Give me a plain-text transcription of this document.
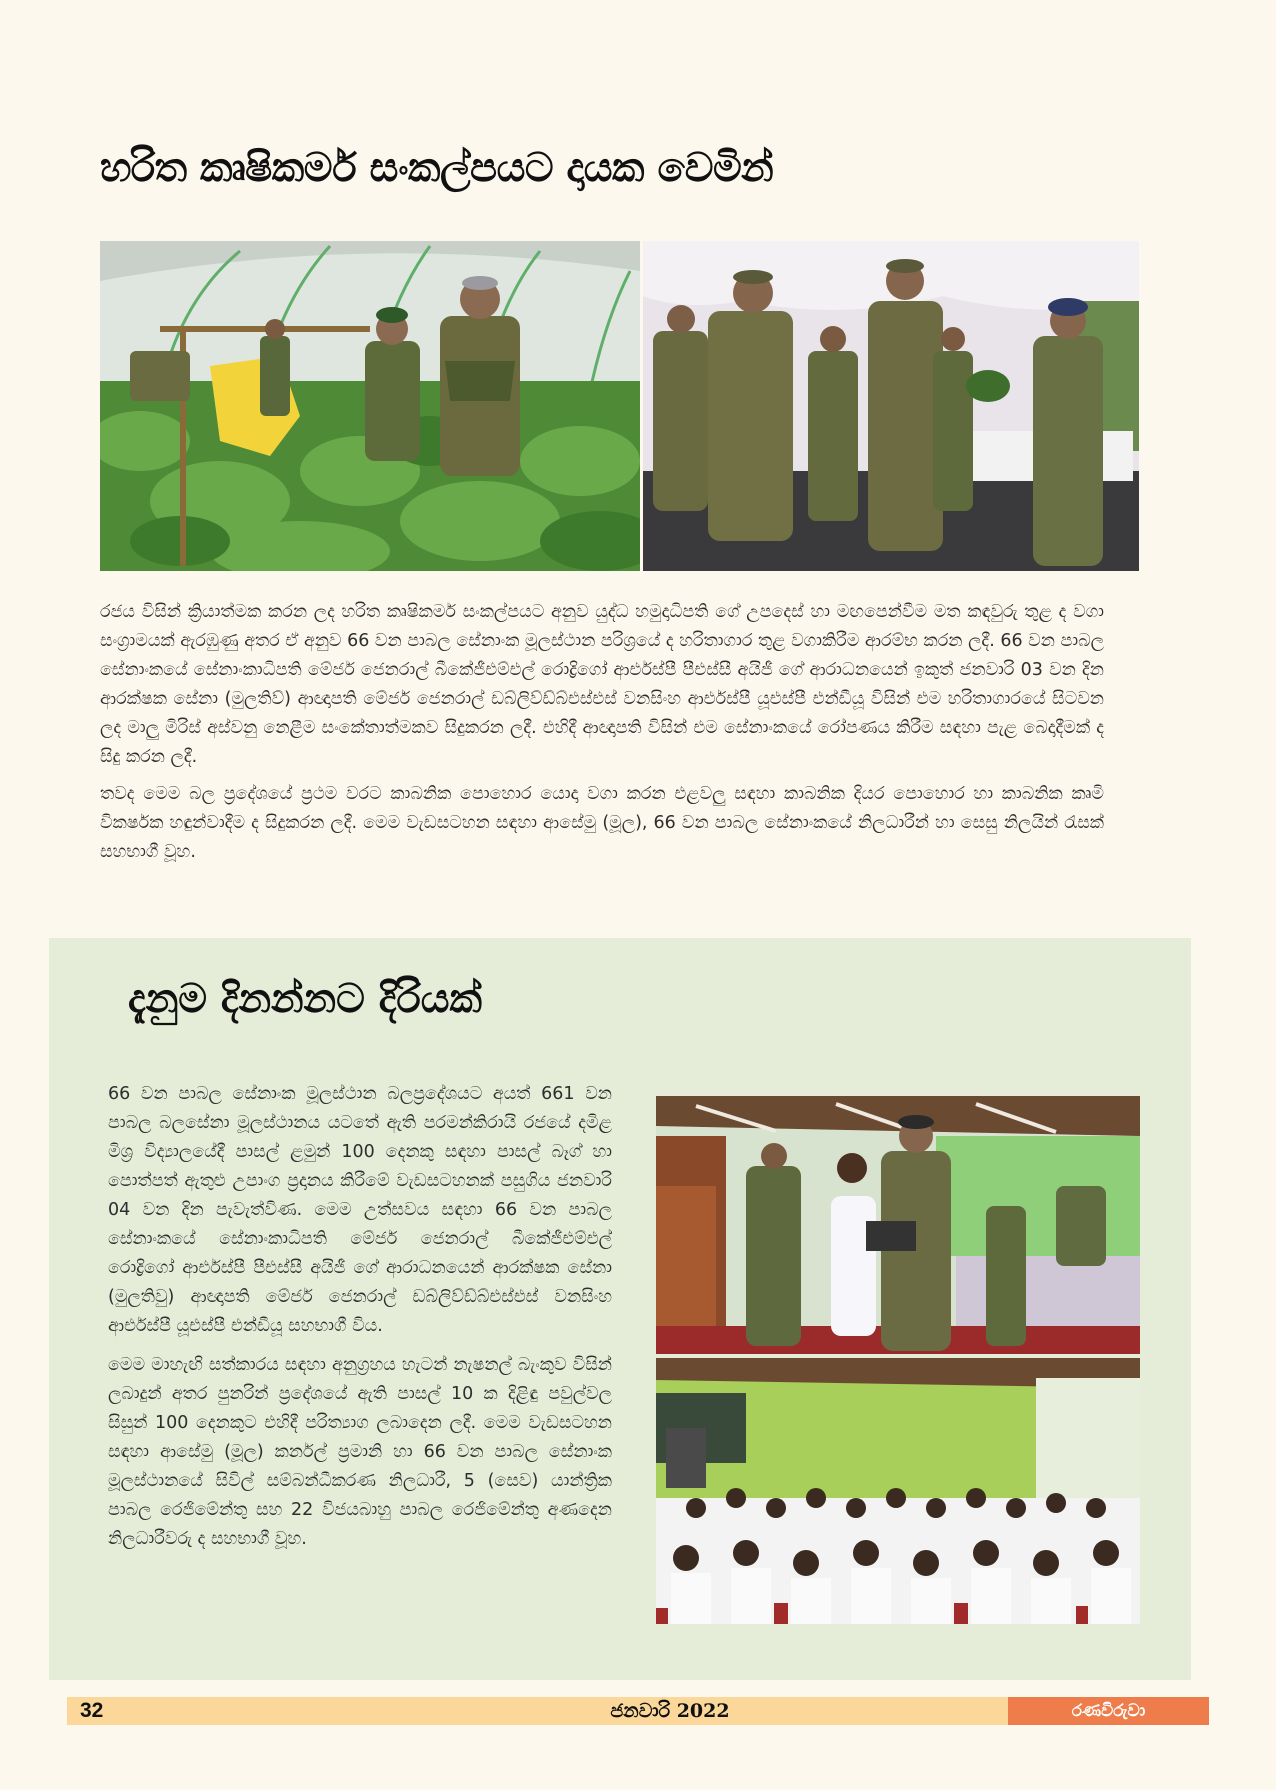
හරිත කෘෂිකර්ම සංකල්පයට දායක වෙමින්

රජය විසින් ක්‍රියාත්මක කරන ලද හරිත කෘෂිකර්ම සංකල්පයට අනුව යුද්ධ හමුදාධිපති ගේ උපදෙස් හා මඟපෙන්වීම මත කඳවුරු තුළ ද වගා සංග්‍රාමයක් ඇරඹුණු අතර ඒ අනුව 66 වන පාබල සේනාංක මූලස්ථාන පරිශ්‍රයේ ද හරිතාගාර තුළ වගාකිරීම ආරම්භ කරන ලදී. 66 වන පාබල සේනාංකයේ සේනාංකාධිපති මේජර් ජෙනරාල් බීකේජීඑම්එල් රොද්‍රිගෝ ආර්එස්පී පීඑස්සී අයිජී ගේ ආරාධනයෙන් ඉකුත් ජනවාරි 03 වන දින ආරක්ෂක සේනා (මුලතිව්) ආඥාපති මේජර් ජෙනරාල් ඩබ්ලිව්ඩ්බ්එස්එස් වනසිංහ ආර්එස්පී යූඑස්පී එන්ඩීයූ විසින් එම හරිතාගාරයේ සිටවන ලද මාලු මිරිස් අස්වනු නෙළීම සංකේතාත්මකව සිදුකරන ලදී. එහිදී ආඥාපති විසින් එම සේනාංකයේ රෝපණය කිරීම සඳහා පැළ බෙදාදීමක් ද සිදු කරන ලදී.

තවද මෙම බල ප්‍රදේශයේ ප්‍රථම වරට කාබනික පොහොර යොදා වගා කරන එළවලු සඳහා කාබනික දියර පොහොර හා කාබනික කෘමි විකර්ෂක හඳුන්වාදීම ද සිදුකරන ලදී. මෙම වැඩසටහන සඳහා ආසේමු (මූල), 66 වන පාබල සේනාංකයේ නිලධාරීන් හා සෙසු නිලයින් රැසක් සහභාගී වූහ.

දැනුම දිනන්නට දිරියක්

66 වන පාබල සේනාංක මූලස්ථාන බලප්‍රදේශයට අයත් 661 වන පාබල බලසේනා මූලස්ථානය යටතේ ඇති පරමන්කිරායි රජයේ දමිළ මිශ්‍ර විද්‍යාලයේදී පාසල් ළමුන් 100 දෙනකු සඳහා පාසල් බෑග් හා පොත්පත් ඇතුළු උපාංග ප්‍රදානය කිරීමේ වැඩසටහනක් පසුගිය ජනවාරි 04 වන දින පැවැත්විණ. මෙම උත්සවය සඳහා 66 වන පාබල සේනාංකයේ සේනාංකාධිපති මේජර් ජෙනරාල් බීකේජීඑම්එල් රොද්‍රිගෝ ආර්එස්පී පීඑස්සී අයිජී ගේ ආරාධනයෙන් ආරක්ෂක සේනා (මුලතිවු) ආඥාපති මේජර් ජෙනරාල් ඩබ්ලිව්ඩ්බ්එස්එස් වනසිංහ ආර්එස්පී යූඑස්පී එන්ඩීයූ සහභාගී විය.

මෙම මාහැඟි සත්කාරය සඳහා අනුග්‍රහය හැටන් නැෂනල් බැංකුව විසින් ලබාදුන් අතර පුනරින් ප්‍රදේශයේ ඇති පාසල් 10 ක දිළිඳු පවුල්වල සිසුන් 100 දෙනකුට එහිදී පරිත්‍යාග ලබාදෙන ලදී. මෙම වැඩසටහන සඳහා ආසේමු (මූල) කර්නල් ප්‍රමානි හා 66 වන පාබල සේනාංක මූලස්ථානයේ සිවිල් සම්බන්ධීකරණ නිලධාරී, 5 (සෙව) යාන්ත්‍රික පාබල රෙජිමේන්තු සහ 22 විජයබාහු පාබල රෙජිමේන්තු අණදෙන නිලධාරීවරු ද සහභාගී වූහ.

32	ජනවාරි 2022	රණවිරුවා
